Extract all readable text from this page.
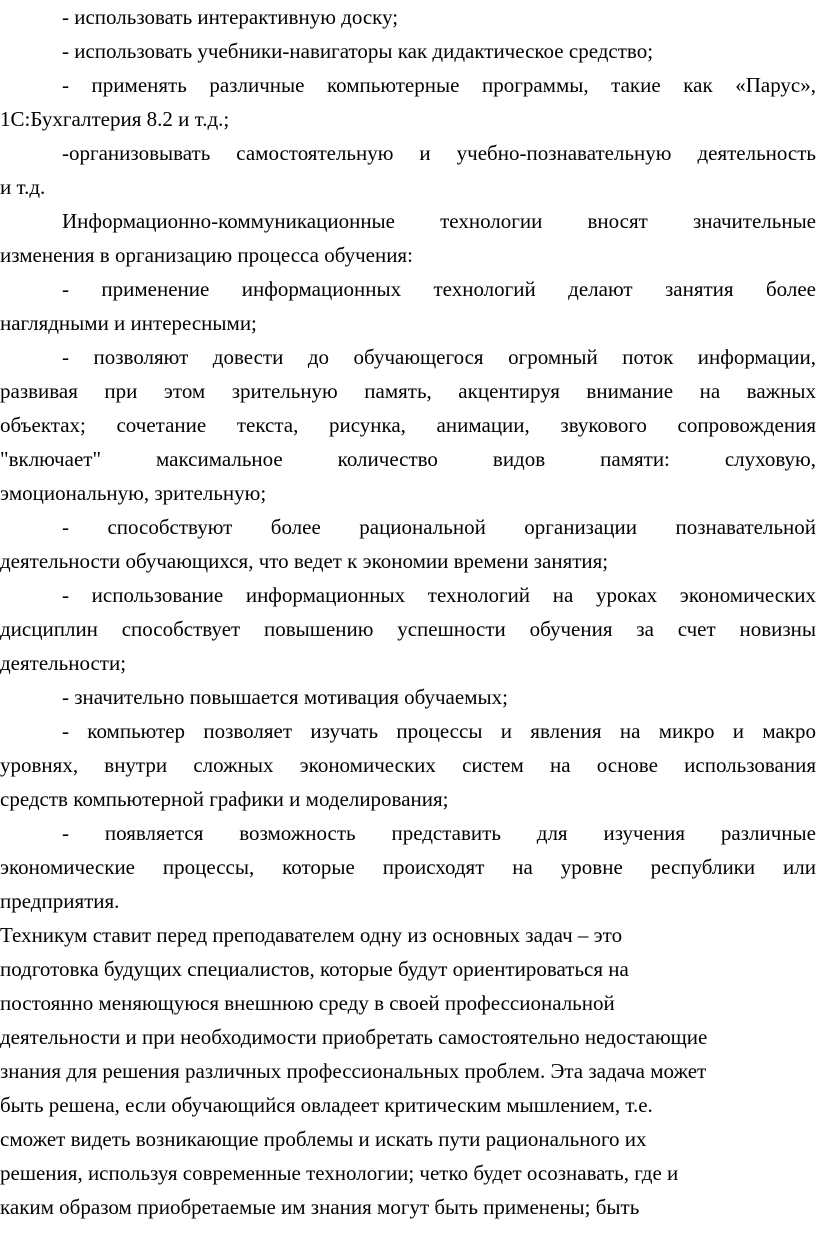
- использовать интерактивную доску;
- использовать учебники-навигаторы как дидактическое средство;
- применять различные компьютерные программы, такие как «Парус»,
1С:Бухгалтерия 8.2 и т.д.;
-организовывать самостоятельную и учебно-познавательную деятельность
и т.д.
Информационно-коммуникационные технологии вносят значительные
изменения в организацию процесса обучения:
- применение информационных технологий делают занятия более
наглядными и интересными;
- позволяют довести до обучающегося огромный поток информации,
развивая при этом зрительную память, акцентируя внимание на важных
объектах; сочетание текста, рисунка, анимации, звукового сопровождения
"включает" максимальное количество видов памяти: слуховую,
эмоциональную, зрительную;
- способствуют более рациональной организации познавательной
деятельности обучающихся, что ведет к экономии времени занятия;
- использование информационных технологий на уроках экономических
дисциплин способствует повышению успешности обучения за счет новизны
деятельности;
- значительно повышается мотивация обучаемых;
- компьютер позволяет изучать процессы и явления на микро и макро
уровнях, внутри сложных экономических систем на основе использования
средств компьютерной графики и моделирования;
- появляется возможность представить для изучения различные
экономические процессы, которые происходят на уровне республики или
предприятия.
Техникум ставит перед преподавателем одну из основных задач – это
подготовка будущих специалистов, которые будут ориентироваться на
постоянно меняющуюся внешнюю среду в своей профессиональной
деятельности и при необходимости приобретать самостоятельно недостающие
знания для решения различных профессиональных проблем. Эта задача может
быть решена, если обучающийся овладеет критическим мышлением, т.е.
сможет видеть возникающие проблемы и искать пути рационального их
решения, используя современные технологии; четко будет осознавать, где и
каким образом приобретаемые им знания могут быть применены; быть
